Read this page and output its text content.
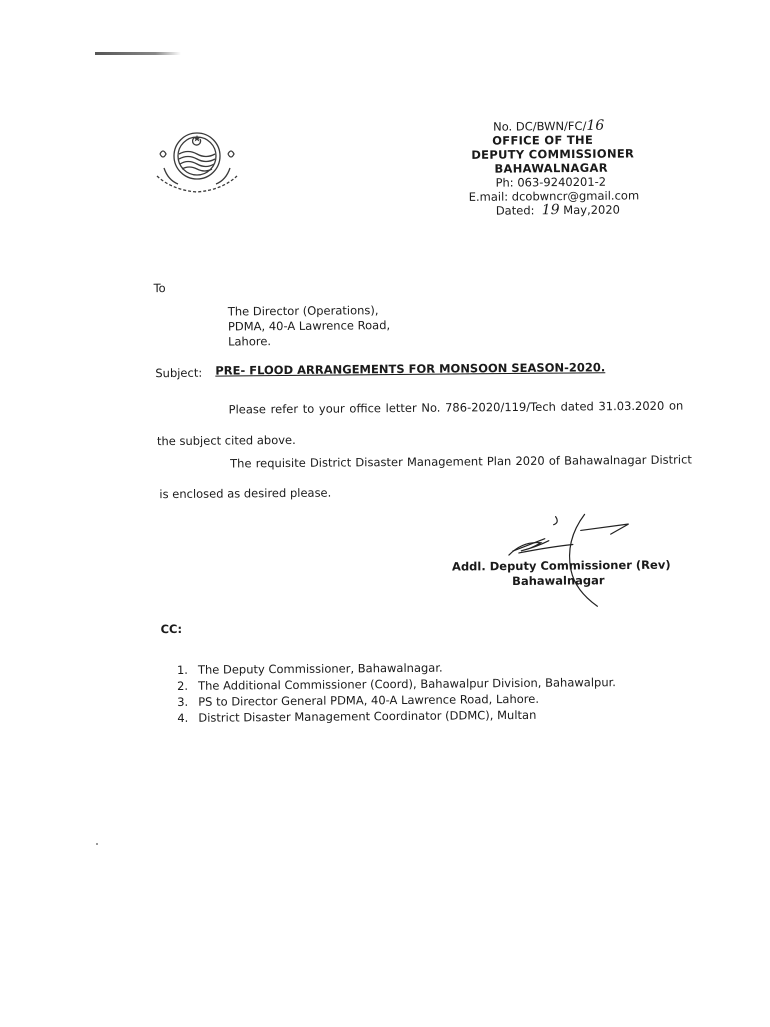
No. DC/BWN/FC/16
OFFICE OF THE
DEPUTY COMMISSIONER
BAHAWALNAGAR
Ph: 063-9240201-2
E.mail: dcobwncr@gmail.com
Dated: 19 May,2020
To
The Director (Operations),
PDMA, 40-A Lawrence Road,
Lahore.
Subject: PRE- FLOOD ARRANGEMENTS FOR MONSOON SEASON-2020.
Please refer to your office letter No. 786-2020/119/Tech dated 31.03.2020 on
the subject cited above.
The requisite District Disaster Management Plan 2020 of Bahawalnagar District
is enclosed as desired please.
Addl. Deputy Commissioner (Rev)
Bahawalnagar
CC:
1. The Deputy Commissioner, Bahawalnagar.
2. The Additional Commissioner (Coord), Bahawalpur Division, Bahawalpur.
3. PS to Director General PDMA, 40-A Lawrence Road, Lahore.
4. District Disaster Management Coordinator (DDMC), Multan
